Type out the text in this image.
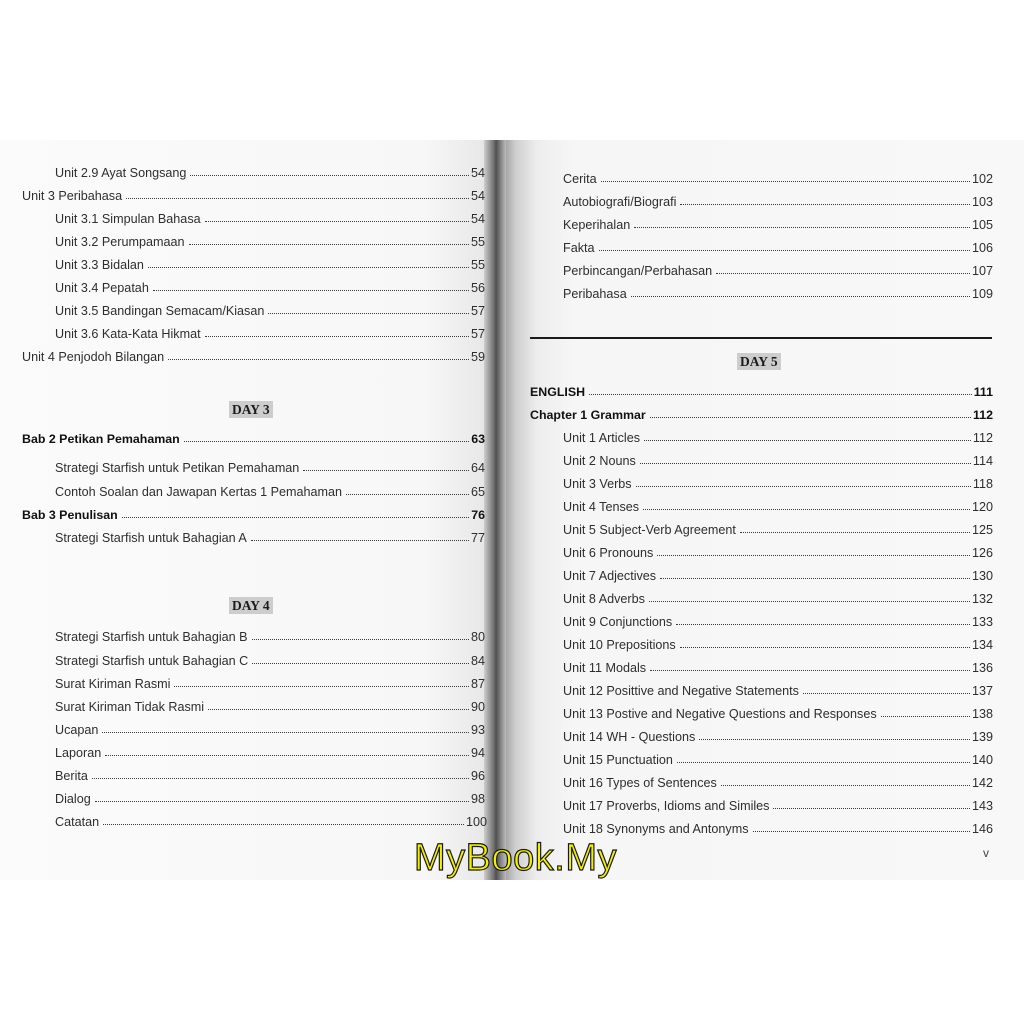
Unit 2.9 Ayat Songsang	54
Unit 3 Peribahasa	54
Unit 3.1 Simpulan Bahasa	54
Unit 3.2 Perumpamaan	55
Unit 3.3 Bidalan	55
Unit 3.4 Pepatah	56
Unit 3.5 Bandingan Semacam/Kiasan	57
Unit 3.6 Kata-Kata Hikmat	57
Unit 4 Penjodoh Bilangan	59
DAY 3
Bab 2 Petikan Pemahaman	63
Strategi Starfish untuk Petikan Pemahaman	64
Contoh Soalan dan Jawapan Kertas 1 Pemahaman	65
Bab 3 Penulisan	76
Strategi Starfish untuk Bahagian A	77
DAY 4
Strategi Starfish untuk Bahagian B	80
Strategi Starfish untuk Bahagian C	84
Surat Kiriman Rasmi	87
Surat Kiriman Tidak Rasmi	90
Ucapan	93
Laporan	94
Berita	96
Dialog	98
Catatan	100
Cerita	102
Autobiografi/Biografi	103
Keperihalan	105
Fakta	106
Perbincangan/Perbahasan	107
Peribahasa	109
DAY 5
ENGLISH	111
Chapter 1 Grammar	112
Unit 1 Articles	112
Unit 2 Nouns	114
Unit 3 Verbs	118
Unit 4 Tenses	120
Unit 5 Subject-Verb Agreement	125
Unit 6 Pronouns	126
Unit 7 Adjectives	130
Unit 8 Adverbs	132
Unit 9 Conjunctions	133
Unit 10 Prepositions	134
Unit 11 Modals	136
Unit 12 Posittive and Negative Statements	137
Unit 13 Postive and Negative Questions and Responses	138
Unit 14 WH - Questions	139
Unit 15 Punctuation	140
Unit 16 Types of Sentences	142
Unit 17 Proverbs, Idioms and Similes	143
Unit 18 Synonyms and Antonyms	146
v
MyBook.My
